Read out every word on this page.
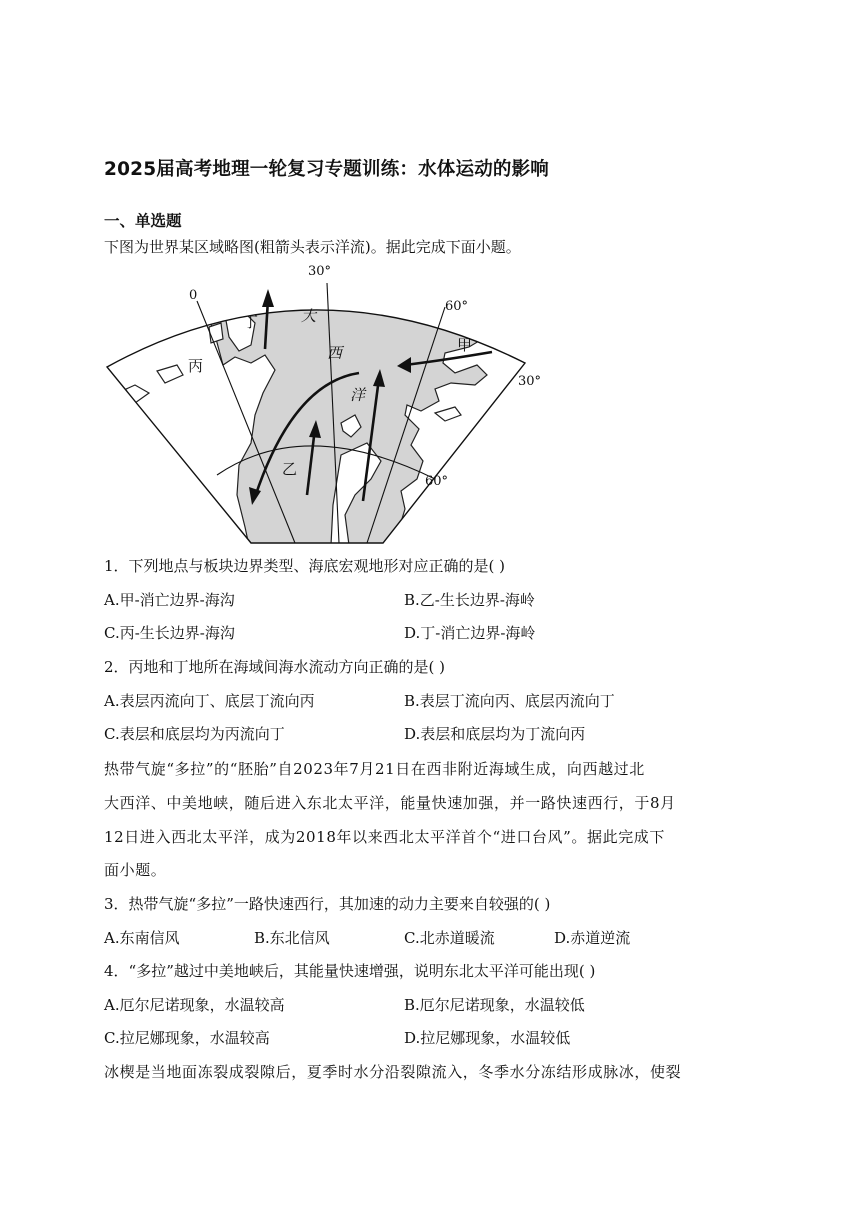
2025届高考地理一轮复习专题训练：水体运动的影响
一、单选题
下图为世界某区域略图(粗箭头表示洋流)。据此完成下面小题。
30°
0
60°
30°
60°
甲
乙
丙
丁	大
西
洋
1．下列地点与板块边界类型、海底宏观地形对应正确的是( )
A.甲-消亡边界-海沟	B.乙-生长边界-海岭
C.丙-生长边界-海沟	D.丁-消亡边界-海岭
2．丙地和丁地所在海域间海水流动方向正确的是( )
A.表层丙流向丁、底层丁流向丙	B.表层丁流向丙、底层丙流向丁
C.表层和底层均为丙流向丁	D.表层和底层均为丁流向丙
热带气旋“多拉”的“胚胎”自2023年7月21日在西非附近海域生成，向西越过北
大西洋、中美地峡，随后进入东北太平洋，能量快速加强，并一路快速西行，于8月
12日进入西北太平洋，成为2018年以来西北太平洋首个“进口台风”。据此完成下
面小题。
3．热带气旋“多拉”一路快速西行，其加速的动力主要来自较强的( )
A.东南信风	B.东北信风	C.北赤道暖流	D.赤道逆流
4．“多拉”越过中美地峡后，其能量快速增强，说明东北太平洋可能出现( )
A.厄尔尼诺现象，水温较高	B.厄尔尼诺现象，水温较低
C.拉尼娜现象，水温较高	D.拉尼娜现象，水温较低
冰楔是当地面冻裂成裂隙后，夏季时水分沿裂隙流入，冬季水分冻结形成脉冰，使裂
